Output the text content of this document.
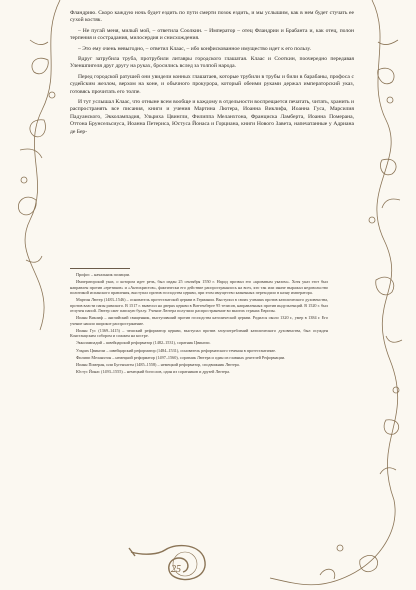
Фландрию. Скоро каждую ночь будет ездить по пути смерти позок ездить, и мы услышим, как в нем будет стучать ее сухой костяк.

– Не пугай меня, милый мой, – ответила Соолкин. – Император – отец Фландрии и Брабанта и, как отец, полон терпения и сострадания, милосердия и снисхождения.

– Это ему очень невыгодно, – ответил Клаас, – ибо конфискованное имущество идет к его пользу.

Вдруг затрубила труба, протрубили литавры городского глашатая. Клаас и Сооткин, поочередно передавая Уленшпигеля друг другу на руках, бросились вслед за толпой народа.

Перед городской ратушей они увидели конных глашатаев, которые трубили в трубы и били в барабаны, профоса с судейским жезлом, верхом на коне, и обычного прокурора, который обеими руками держал императорский указ, готовясь прочитать его толпе.

И тут услышал Клаас, что отныне всем вообще и каждому в отдельности воспрещается печатать, читать, хранить и распространять все писания, книги и учения Мартина Лютера, Иоанна Виклифа, Иоанна Гуса, Марсилия Падуанского, Экколампадия, Ульриха Цвингли, Филиппа Меланхтона, Франциска Ламберта, Иоанна Померана, Оттона Брунсельсиуса, Иоанна Петериса, Юстуса Йонаса и Горциана, книги Нового Завета, напечатанные у Адриана де Бер-

Профос – начальник полиции.

Императорский указ, о котором идет речь, был издан 25 сентября 1550 г. Народ прозвал его «кровавым указом». Хотя указ этот был направлен против «еретиков» и «Aнтихристов», фактически его действие распространялось на всех, кто так или иначе выражал недовольство политикой испанского правления, выступал против господства церкви, при этом имущество казненных переходило в казну императора.

Мартин Лютер (1483–1546) – основатель протестантской церкви в Германии. Выступил в своих учениях против католического духовенства, против власти папы римского. В 1517 г. вывесил на дверях церкви в Виттенберге 95 тезисов, направленных против индульгенций. В 1520 г. был отлучен папой. Лютер сжег папскую буллу. Учение Лютера получило распространение во многих странах Европы.

Иоанн Виклиф – английский священник, выступавший против господства католической церкви. Родился около 1320 г., умер в 1384 г. Его учение нашло широкое распространение.

Иоанн Гус (1369–1415) – чешский реформатор церкви, выступал против злоупотреблений католического духовенства, был осужден Констанцским собором и сожжен на костре.

Экколампадий – швейцарский реформатор (1482–1531), соратник Цвингли.

Ульрих Цвингли – швейцарский реформатор (1484–1531), основатель реформатского течения в протестантизме.

Филипп Меланхтон – немецкий реформатор (1497–1560), соратник Лютера и один из главных деятелей Реформации.

Иоанн Померан, или Бугенхаген (1485–1558) – немецкий реформатор, сподвижник Лютера.

Юстус Йонас (1493–1555) – немецкий богослов, один из соратников и друзей Лютера.

25
